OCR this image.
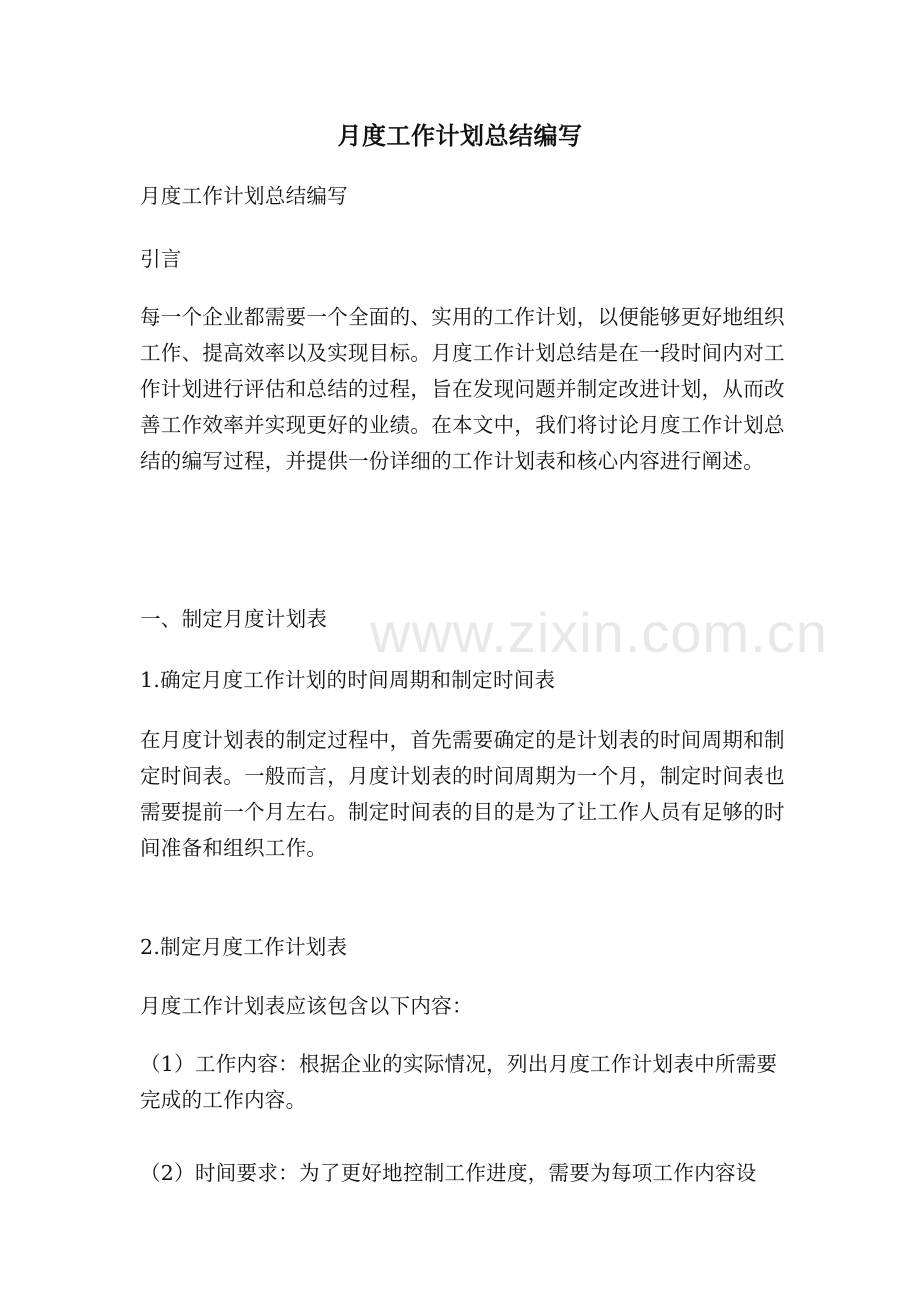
月度工作计划总结编写

月度工作计划总结编写

引言

每一个企业都需要一个全面的、实用的工作计划，以便能够更好地组织工作、提高效率以及实现目标。月度工作计划总结是在一段时间内对工作计划进行评估和总结的过程，旨在发现问题并制定改进计划，从而改善工作效率并实现更好的业绩。在本文中，我们将讨论月度工作计划总结的编写过程，并提供一份详细的工作计划表和核心内容进行阐述。

一、制定月度计划表

1.确定月度工作计划的时间周期和制定时间表

在月度计划表的制定过程中，首先需要确定的是计划表的时间周期和制定时间表。一般而言，月度计划表的时间周期为一个月，制定时间表也需要提前一个月左右。制定时间表的目的是为了让工作人员有足够的时间准备和组织工作。

2.制定月度工作计划表

月度工作计划表应该包含以下内容：

（1）工作内容：根据企业的实际情况，列出月度工作计划表中所需要完成的工作内容。

（2）时间要求：为了更好地控制工作进度，需要为每项工作内容设

www.zixin.com.cn
